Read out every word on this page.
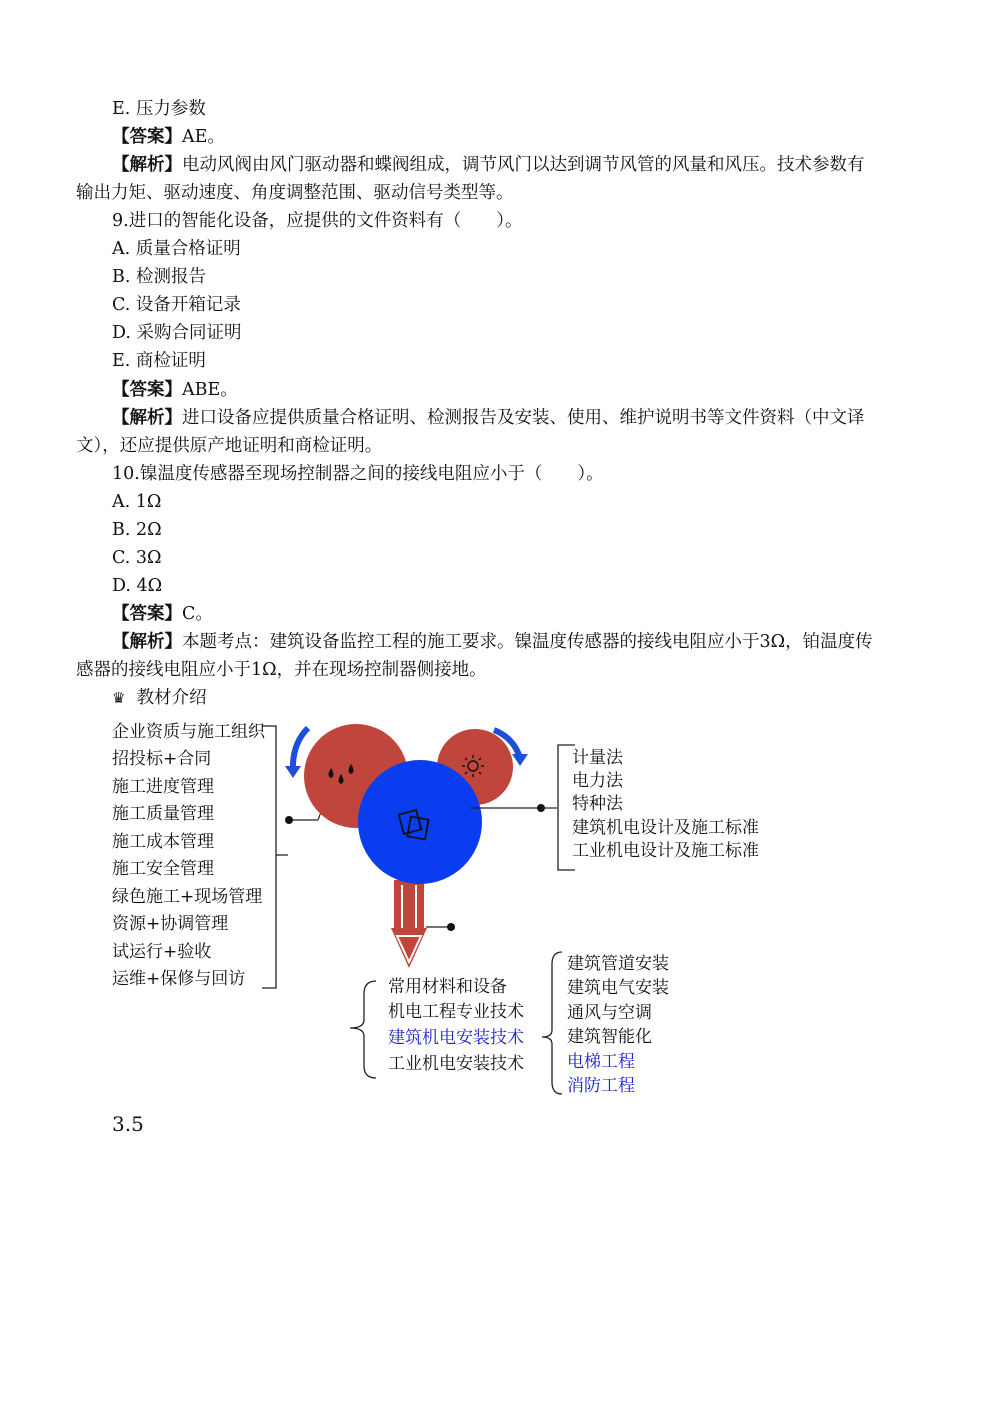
E. 压力参数
【答案】AE。
【解析】电动风阀由风门驱动器和蝶阀组成，调节风门以达到调节风管的风量和风压。技术参数有
输出力矩、驱动速度、角度调整范围、驱动信号类型等。
9.进口的智能化设备，应提供的文件资料有（　　）。
A. 质量合格证明
B. 检测报告
C. 设备开箱记录
D. 采购合同证明
E. 商检证明
【答案】ABE。
【解析】进口设备应提供质量合格证明、检测报告及安装、使用、维护说明书等文件资料（中文译
文），还应提供原产地证明和商检证明。
10.镍温度传感器至现场控制器之间的接线电阻应小于（　　）。
A. 1Ω
B. 2Ω
C. 3Ω
D. 4Ω
【答案】C。
【解析】本题考点：建筑设备监控工程的施工要求。镍温度传感器的接线电阻应小于3Ω，铂温度传
感器的接线电阻应小于1Ω，并在现场控制器侧接地。
♛ 教材介绍
企业资质与施工组织
招投标+合同
施工进度管理
施工质量管理
施工成本管理
施工安全管理
绿色施工+现场管理
资源+协调管理
试运行+验收
运维+保修与回访
计量法
电力法
特种法
建筑机电设计及施工标准
工业机电设计及施工标准
常用材料和设备
机电工程专业技术
建筑机电安装技术
工业机电安装技术
建筑管道安装
建筑电气安装
通风与空调
建筑智能化
电梯工程
消防工程
3.5
